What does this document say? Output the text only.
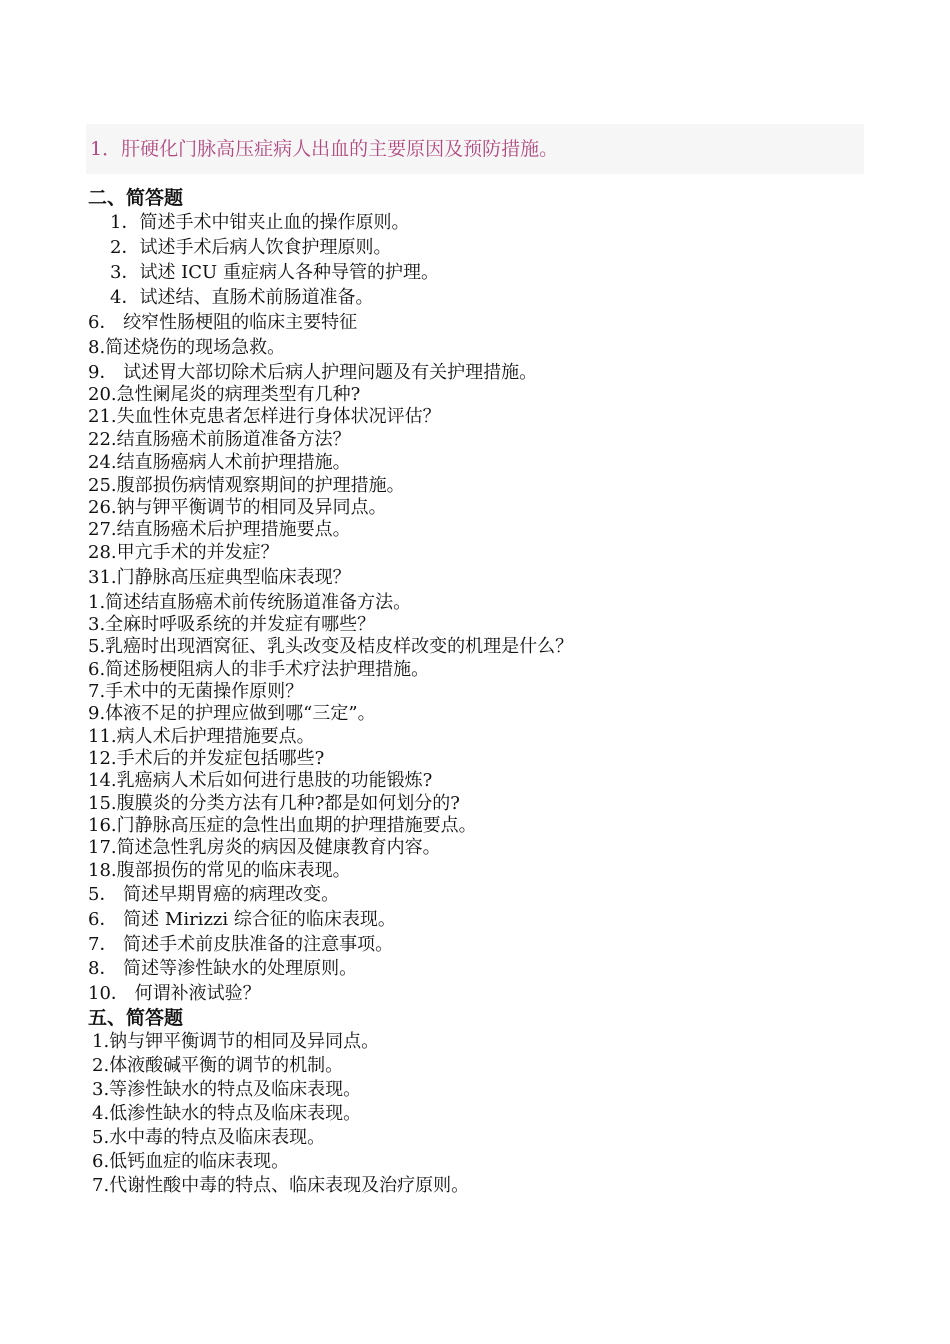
1．肝硬化门脉高压症病人出血的主要原因及预防措施。
二、简答题
1．简述手术中钳夹止血的操作原则。
2．试述手术后病人饮食护理原则。
3．试述 ICU 重症病人各种导管的护理。
4．试述结、直肠术前肠道准备。
6． 绞窄性肠梗阻的临床主要特征
8.简述烧伤的现场急救。
9． 试述胃大部切除术后病人护理问题及有关护理措施。
20.急性阑尾炎的病理类型有几种?
21.失血性休克患者怎样进行身体状况评估？
22.结直肠癌术前肠道准备方法？
24.结直肠癌病人术前护理措施。
25.腹部损伤病情观察期间的护理措施。
26.钠与钾平衡调节的相同及异同点。
27.结直肠癌术后护理措施要点。
28.甲亢手术的并发症？
31.门静脉高压症典型临床表现？
1.简述结直肠癌术前传统肠道准备方法。
3.全麻时呼吸系统的并发症有哪些？
5.乳癌时出现酒窝征、乳头改变及桔皮样改变的机理是什么？
6.简述肠梗阻病人的非手术疗法护理措施。
7.手术中的无菌操作原则？
9.体液不足的护理应做到哪“三定”。
11.病人术后护理措施要点。
12.手术后的并发症包括哪些?
14.乳癌病人术后如何进行患肢的功能锻炼?
15.腹膜炎的分类方法有几种?都是如何划分的?
16.门静脉高压症的急性出血期的护理措施要点。
17.简述急性乳房炎的病因及健康教育内容。
18.腹部损伤的常见的临床表现。
5． 简述早期胃癌的病理改变。
6． 简述 Mirizzi 综合征的临床表现。
7． 简述手术前皮肤准备的注意事项。
8． 简述等渗性缺水的处理原则。
10． 何谓补液试验？
五、简答题
1.钠与钾平衡调节的相同及异同点。
2.体液酸碱平衡的调节的机制。
3.等渗性缺水的特点及临床表现。
4.低渗性缺水的特点及临床表现。
5.水中毒的特点及临床表现。
6.低钙血症的临床表现。
7.代谢性酸中毒的特点、临床表现及治疗原则。
